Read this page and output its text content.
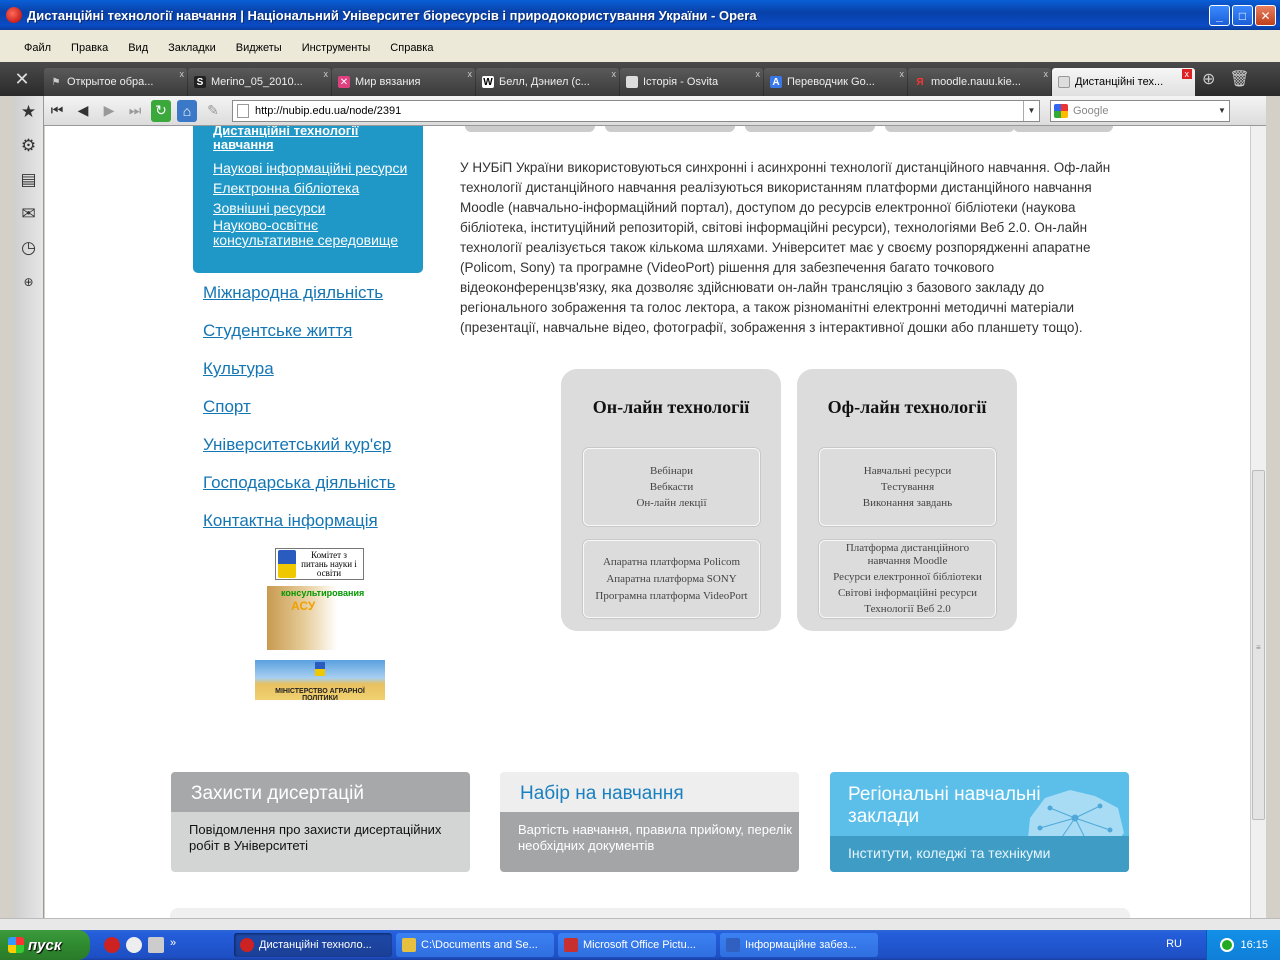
Дистанційні технології навчання | Національний Університет біоресурсів і природокористування України - Opera	_	□	✕
Файл Правка Вид Закладки Виджеты Инструменты Справка
✕	⚑ Открытое обра...
x
S Merino_05_2010...
x
✕ Мир вязания
x
W Белл, Дэниел (с...
x
Історія - Osvita
x
A Переводчик Go...
x
Я moodle.nauu.kie...
x
Дистанційні тех...
x ⊕ 🗑
★
⚙
▤
✉
◷
⊕
⏮	◀	▶	⏭ ↻	⌂	✎	http://nubip.edu.ua/node/2391	▼	Google	▼
Дистанційні технології навчання
Наукові інформаційні ресурси
Електронна бібліотека
Зовнішні ресурси
Науково-освітнє консультативне середовище
Міжнародна діяльність
Студентське життя
Культура
Спорт
Університетський кур'єр
Господарська діяльність
Контактна інформація
Комітет з питань науки і освіти
консультирования
АСУ
МІНІСТЕРСТВО АГРАРНОЇ ПОЛІТИКИ
У НУБіП України використовуються синхронні і асинхронні технології дистанційного навчання. Оф-лайн технології дистанційного навчання реалізуються використанням платформи дистанційного навчання Moodle (навчально-інформаційний портал), доступом до ресурсів електронної бібліотеки (наукова бібліотека, інституційний репозиторій, світові інформаційні ресурси), технологіями Веб 2.0. Он-лайн технології реалізується також кількома шляхами. Університет має у своєму розпорядженні апаратне (Policom, Sony) та програмне (VideoPort) рішення для забезпечення багато точкового відеоконференцзв'язку, яка дозволяє здійснювати он-лайн трансляцію з базового закладу до регіонального зображення та голос лектора, а також різноманітні електронні методичні матеріали (презентації, навчальне відео, фотографії, зображення з інтерактивної дошки або планшету тощо).
Он-лайн технології
Вебінари
Вебкасти
Он-лайн лекції
Апаратна платформа Policom
Апаратна платформа SONY
Програмна платформа VideoPort
Оф-лайн технології
Навчальні ресурси
Тестування
Виконання завдань
Платформа дистанційного навчання Moodle
Ресурси електронної бібліотеки
Світові інформаційні ресурси
Технології Веб 2.0
Захисти дисертацій
Повідомлення про захисти дисертаційних робіт в Університеті
Набір на навчання
Вартість навчання, правила прийому, перелік необхідних документів
Регіональні навчальні заклади
Інститути, коледжі та технікуми
≡
пуск	»	Дистанційні техноло...	C:\Documents and Se...	Microsoft Office Pictu...	Інформаційне забез...	RU	16:15
